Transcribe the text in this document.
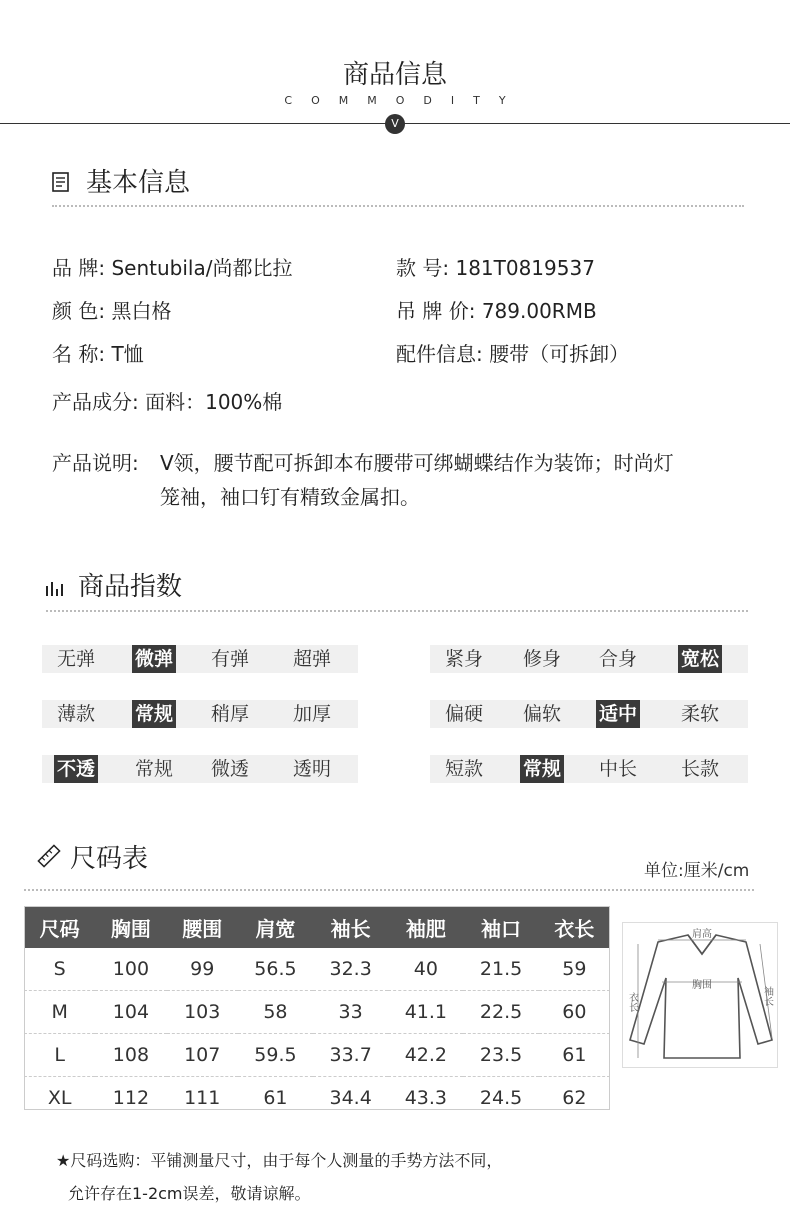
商品信息
COMMODITY
V
基本信息
品 牌: Sentubila/尚都比拉	款 号: 181T0819537
颜 色: 黑白格	吊 牌 价: 789.00RMB
名 称: T恤	配件信息: 腰带（可拆卸）
产品成分: 面料：100%棉
产品说明: V领，腰节配可拆卸本布腰带可绑蝴蝶结作为装饰；时尚灯
笼袖，袖口钉有精致金属扣。
商品指数
无弹 微弹 有弹 超弹	紧身 修身 合身 宽松
薄款 常规 稍厚 加厚	偏硬 偏软 适中 柔软
不透 常规 微透 透明	短款 常规 中长 长款
尺码表	单位:厘米/cm
尺码	胸围	腰围	肩宽	袖长	袖肥	袖口	衣长
S	100	99	56.5	32.3	40	21.5	59
M	104	103	58	33	41.1	22.5	60
L	108	107	59.5	33.7	42.2	23.5	61
XL	112	111	61	34.4	43.3	24.5	62
肩高
胸围
衣长	袖长
★尺码选购：平铺测量尺寸，由于每个人测量的手势方法不同，
允许存在1-2cm误差，敬请谅解。
